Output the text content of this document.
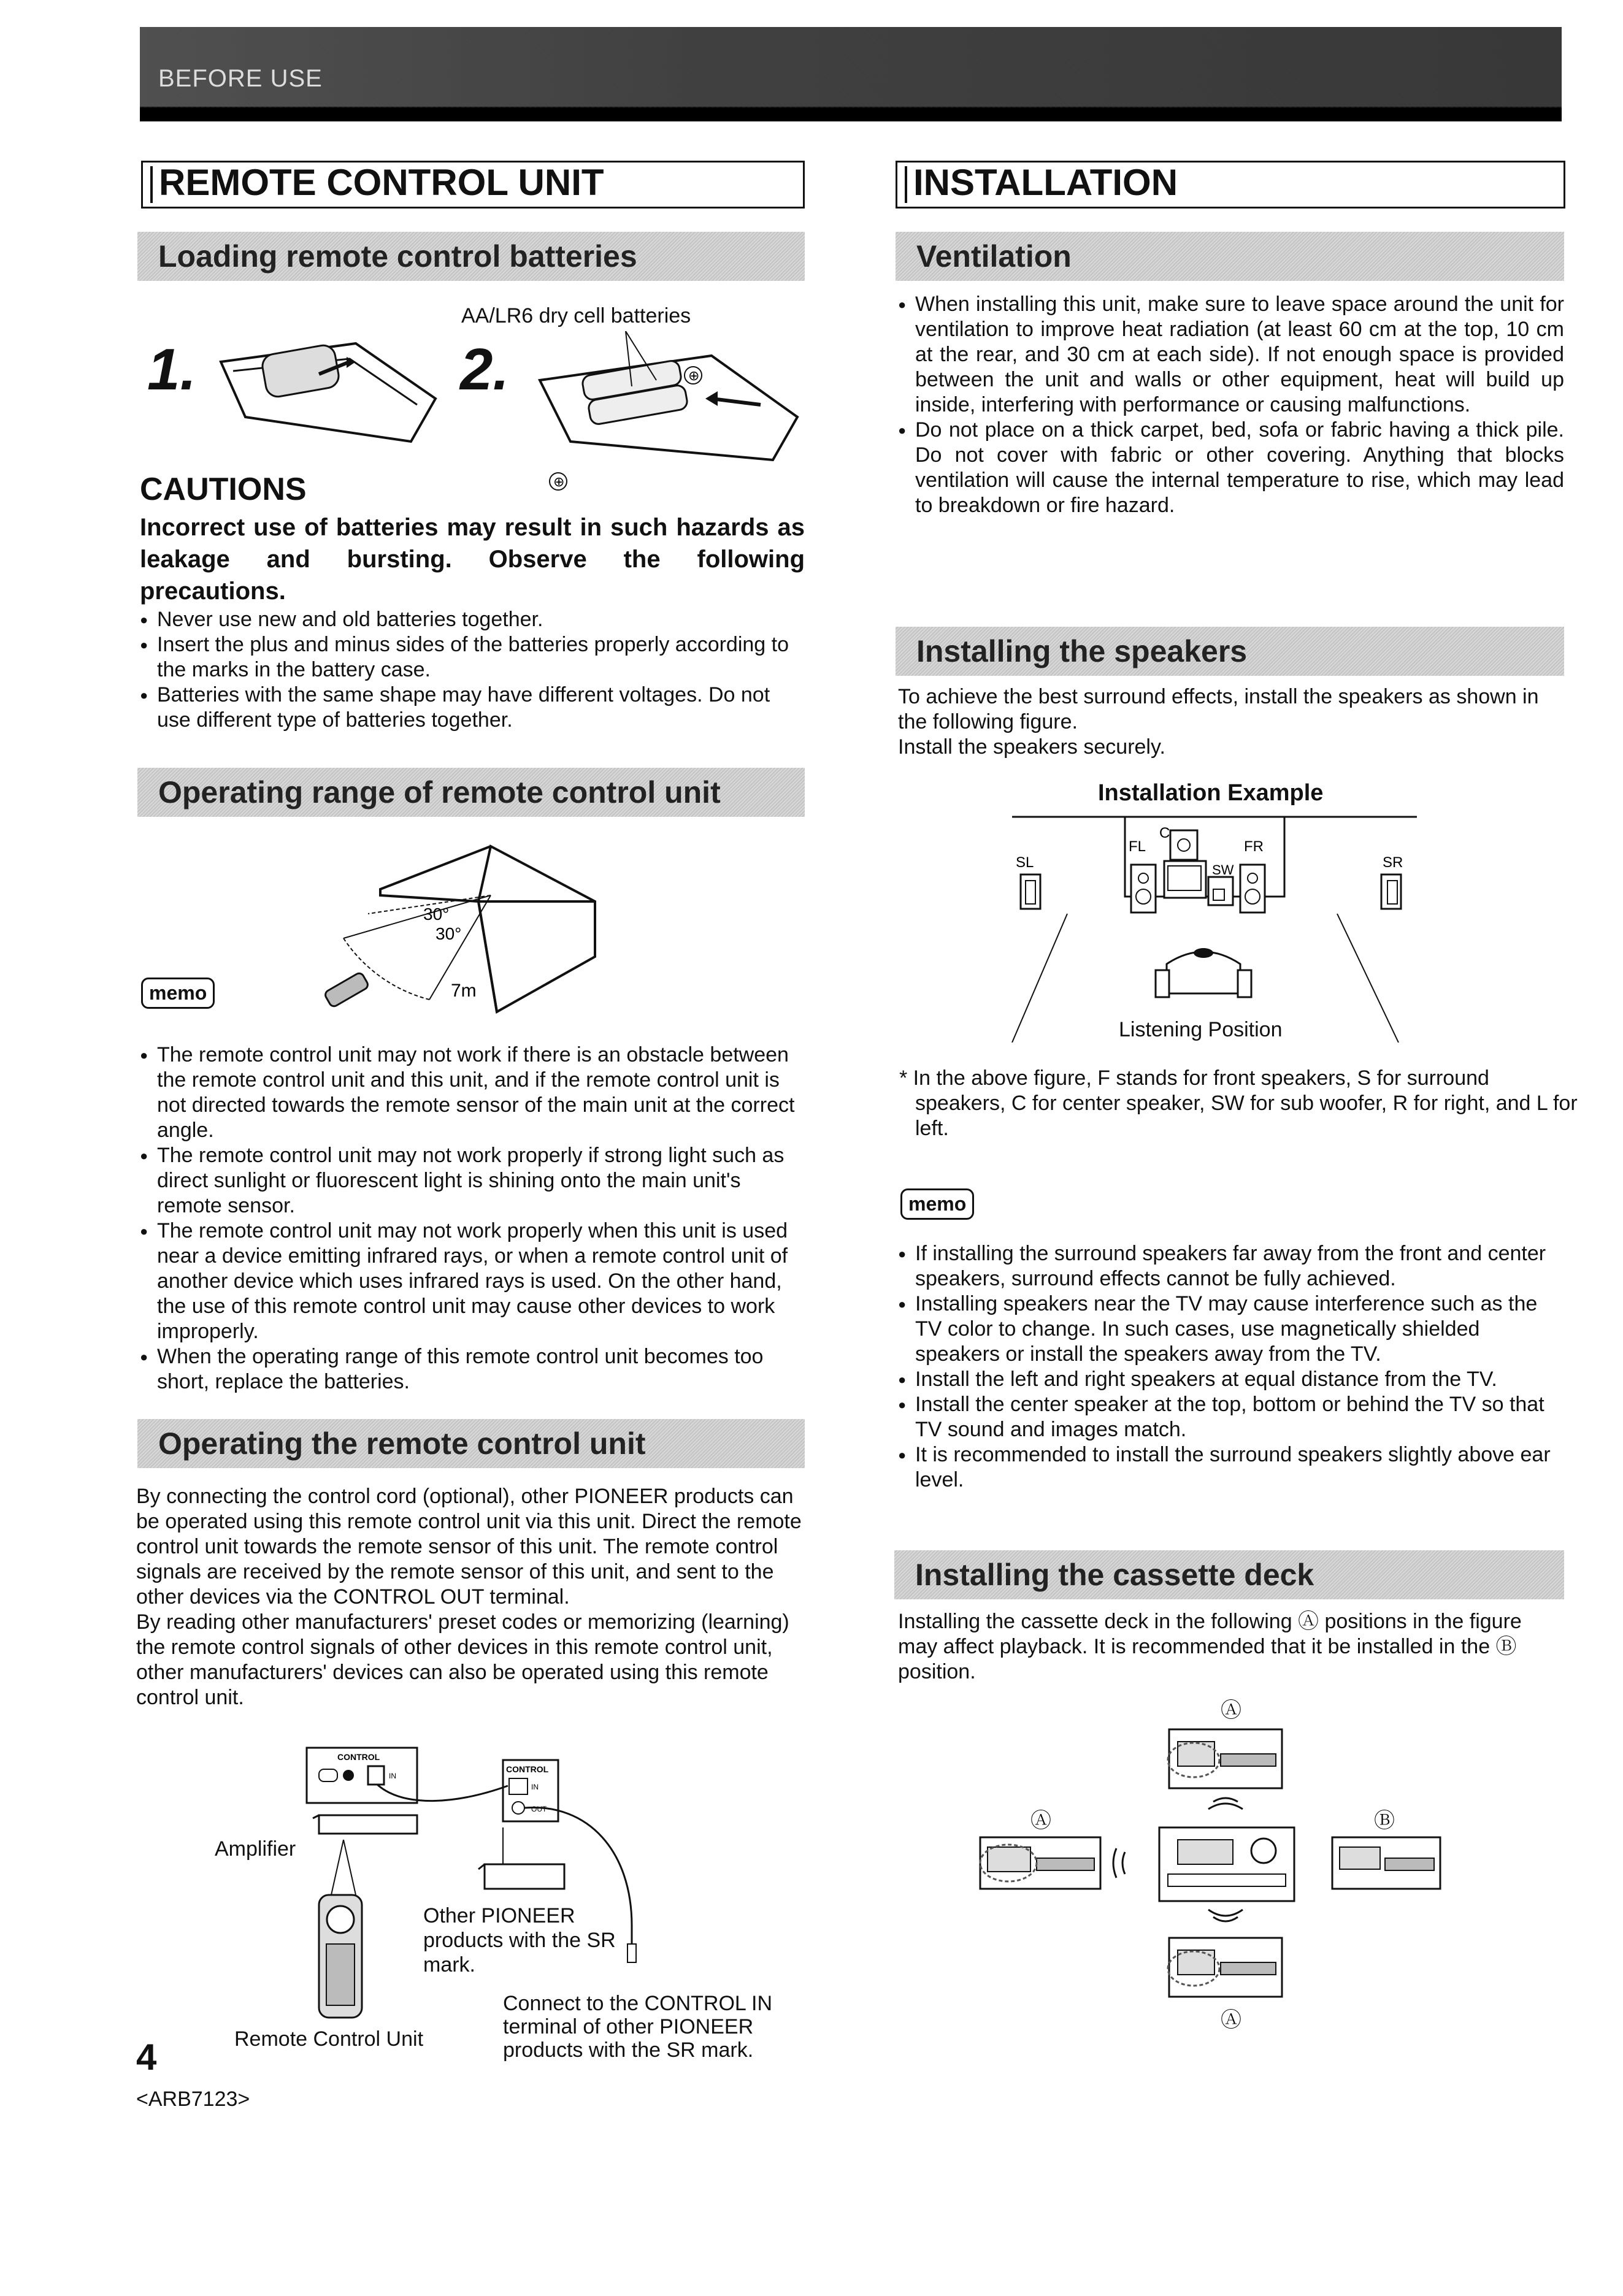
BEFORE USE
REMOTE CONTROL UNIT
Loading remote control batteries
AA/LR6 dry cell batteries
1.	2.	⊕
⊕
CAUTIONS
Incorrect use of batteries may result in such hazards as leakage and bursting. Observe the following precautions.
● Never use new and old batteries together.
● Insert the plus and minus sides of the batteries properly according to the marks in the battery case.
● Batteries with the same shape may have different voltages. Do not use different type of batteries together.
Operating range of remote control unit
30°
30°
7m
memo
● The remote control unit may not work if there is an obstacle between the remote control unit and this unit, and if the remote control unit is not directed towards the remote sensor of the main unit at the correct angle.
● The remote control unit may not work properly if strong light such as direct sunlight or fluorescent light is shining onto the main unit's remote sensor.
● The remote control unit may not work properly when this unit is used near a device emitting infrared rays, or when a remote control unit of another device which uses infrared rays is used. On the other hand, the use of this remote control unit may cause other devices to work improperly.
● When the operating range of this remote control unit becomes too short, replace the batteries.
Operating the remote control unit

By connecting the control cord (optional), other PIONEER products can be operated using this remote control unit via this unit. Direct the remote control unit towards the remote sensor of this unit. The remote control signals are received by the remote sensor of this unit, and sent to the other devices via the CONTROL OUT terminal.

By reading other manufacturers' preset codes or memorizing (learning) the remote control signals of other devices in this remote control unit, other manufacturers' devices can also be operated using this remote control unit.

CONTROL
IN
CONTROL
IN
OUT
Amplifier
Other PIONEER products with the SR mark.
Connect to the CONTROL IN terminal of other PIONEER products with the SR mark.
Remote Control Unit
4
<ARB7123>
INSTALLATION
Ventilation
● When installing this unit, make sure to leave space around the unit for ventilation to improve heat radiation (at least 60 cm at the top, 10 cm at the rear, and 30 cm at each side). If not enough space is provided between the unit and walls or other equipment, heat will build up inside, interfering with performance or causing malfunctions.
● Do not place on a thick carpet, bed, sofa or fabric having a thick pile. Do not cover with fabric or other covering. Anything that blocks ventilation will cause the internal temperature to rise, which may lead to breakdown or fire hazard.
Installing the speakers

To achieve the best surround effects, install the speakers as shown in the following figure.

Install the speakers securely.

Installation Example
SL
FL
C
SW
FR
SR
Listening Position
* In the above figure, F stands for front speakers, S for surround speakers, C for center speaker, SW for sub woofer, R for right, and L for left.
memo
● If installing the surround speakers far away from the front and center speakers, surround effects cannot be fully achieved.
● Installing speakers near the TV may cause interference such as the TV color to change. In such cases, use magnetically shielded speakers or install the speakers away from the TV.
● Install the left and right speakers at equal distance from the TV.
● Install the center speaker at the top, bottom or behind the TV so that TV sound and images match.
● It is recommended to install the surround speakers slightly above ear level.
Installing the cassette deck
Installing the cassette deck in the following Ⓐ positions in the figure may affect playback. It is recommended that it be installed in the Ⓑ position.
Ⓐ
Ⓐ	Ⓑ
Ⓐ
